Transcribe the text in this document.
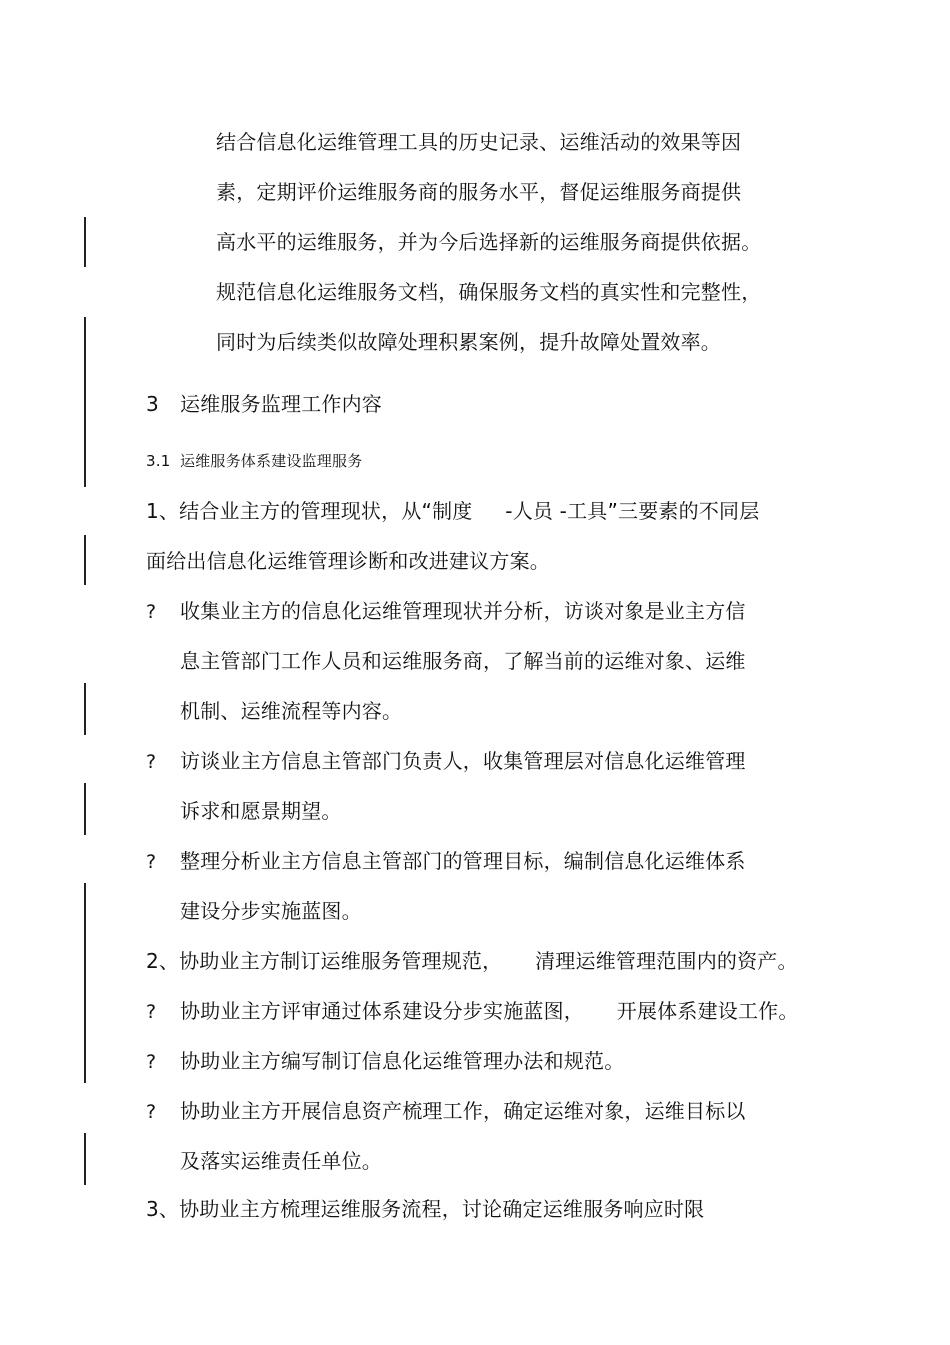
结合信息化运维管理工具的历史记录、运维活动的效果等因
素，定期评价运维服务商的服务水平，督促运维服务商提供
高水平的运维服务，并为今后选择新的运维服务商提供依据。
规范信息化运维服务文档，确保服务文档的真实性和完整性，
同时为后续类似故障处理积累案例，提升故障处置效率。
3 运维服务监理工作内容
3.1 运维服务体系建设监理服务
1、结合业主方的管理现状，从“制度     -人员 -工具”三要素的不同层
面给出信息化运维管理诊断和改进建议方案。
? 收集业主方的信息化运维管理现状并分析，访谈对象是业主方信
息主管部门工作人员和运维服务商，了解当前的运维对象、运维
机制、运维流程等内容。
? 访谈业主方信息主管部门负责人，收集管理层对信息化运维管理
诉求和愿景期望。
? 整理分析业主方信息主管部门的管理目标，编制信息化运维体系
建设分步实施蓝图。
2、协助业主方制订运维服务管理规范，     清理运维管理范围内的资产。
? 协助业主方评审通过体系建设分步实施蓝图，     开展体系建设工作。
? 协助业主方编写制订信息化运维管理办法和规范。
? 协助业主方开展信息资产梳理工作，确定运维对象，运维目标以
及落实运维责任单位。
3、协助业主方梳理运维服务流程，讨论确定运维服务响应时限
